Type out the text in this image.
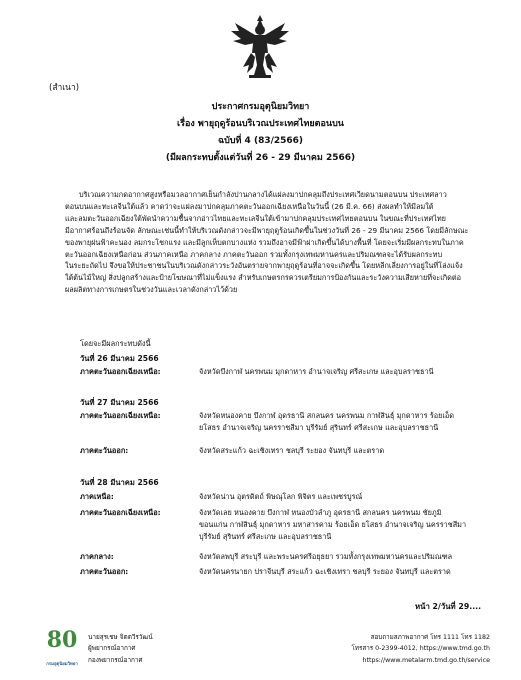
(สำเนา)
ประกาศกรมอุตุนิยมวิทยา
เรื่อง พายุฤดูร้อนบริเวณประเทศไทยตอนบน
ฉบับที่ 4 (83/2566)
(มีผลกระทบตั้งแต่วันที่ 26 - 29 มีนาคม 2566)
บริเวณความกดอากาศสูงหรือมวลอากาศเย็นกำลังปานกลางได้แผ่ลงมาปกคลุมถึงประเทศเวียดนามตอนบน ประเทศลาว
ตอนบนและทะเลจีนใต้แล้ว คาดว่าจะแผ่ลงมาปกคลุมภาคตะวันออกเฉียงเหนือในวันนี้ (26 มี.ค. 66) ส่งผลทำให้มีลมใต้
และลมตะวันออกเฉียงใต้พัดนำความชื้นจากอ่าวไทยและทะเลจีนใต้เข้ามาปกคลุมประเทศไทยตอนบน ในขณะที่ประเทศไทย
มีอากาศร้อนถึงร้อนจัด ลักษณะเช่นนี้ทำให้บริเวณดังกล่าวจะมีพายุฤดูร้อนเกิดขึ้นในช่วงวันที่ 26 - 29 มีนาคม 2566 โดยมีลักษณะ
ของพายุฝนฟ้าคะนอง ลมกระโชกแรง และมีลูกเห็บตกบางแห่ง รวมถึงอาจมีฟ้าผ่าเกิดขึ้นได้บางพื้นที่ โดยจะเริ่มมีผลกระทบในภาค
ตะวันออกเฉียงเหนือก่อน ส่วนภาคเหนือ ภาคกลาง ภาคตะวันออก รวมทั้งกรุงเทพมหานครและปริมณฑลจะได้รับผลกระทบ
ในระยะถัดไป จึงขอให้ประชาชนในบริเวณดังกล่าวระวังอันตรายจากพายุฤดูร้อนที่อาจจะเกิดขึ้น โดยหลีกเลี่ยงการอยู่ในที่โล่งแจ้ง
ใต้ต้นไม้ใหญ่ สิ่งปลูกสร้างและป้ายโฆษณาที่ไม่แข็งแรง สำหรับเกษตรกรควรเตรียมการป้องกันและระวังความเสียหายที่จะเกิดต่อ
ผลผลิตทางการเกษตรในช่วงวันและเวลาดังกล่าวไว้ด้วย
โดยจะมีผลกระทบดังนี้
วันที่ 26 มีนาคม 2566
ภาคตะวันออกเฉียงเหนือ:	จังหวัดบึงกาฬ นครพนม มุกดาหาร อำนาจเจริญ ศรีสะเกษ และอุบลราชธานี
วันที่ 27 มีนาคม 2566
ภาคตะวันออกเฉียงเหนือ:	จังหวัดหนองคาย บึงกาฬ อุดรธานี สกลนคร นครพนม กาฬสินธุ์ มุกดาหาร ร้อยเอ็ด
ยโสธร อำนาจเจริญ นครราชสีมา บุรีรัมย์ สุรินทร์ ศรีสะเกษ และอุบลราชธานี
ภาคตะวันออก:	จังหวัดสระแก้ว ฉะเชิงเทรา ชลบุรี ระยอง จันทบุรี และตราด
วันที่ 28 มีนาคม 2566
ภาคเหนือ:	จังหวัดน่าน อุตรดิตถ์ พิษณุโลก พิจิตร และเพชรบูรณ์
ภาคตะวันออกเฉียงเหนือ:	จังหวัดเลย หนองคาย บึงกาฬ หนองบัวลำภู อุดรธานี สกลนคร นครพนม ชัยภูมิ
ขอนแก่น กาฬสินธุ์ มุกดาหาร มหาสารคาม ร้อยเอ็ด ยโสธร อำนาจเจริญ นครราชสีมา
บุรีรัมย์ สุรินทร์ ศรีสะเกษ และอุบลราชธานี
ภาคกลาง:	จังหวัดลพบุรี สระบุรี และพระนครศรีอยุธยา รวมทั้งกรุงเทพมหานครและปริมณฑล
ภาคตะวันออก:	จังหวัดนครนายก ปราจีนบุรี สระแก้ว ฉะเชิงเทรา ชลบุรี ระยอง จันทบุรี และตราด
หน้า 2/วันที่ 29....
80
กรมอุตุนิยมวิทยา
นายสุรเชษ จิตตวีรวัฒน์
ผู้พยากรณ์อากาศ
กองพยากรณ์อากาศ
สอบถามสภาพอากาศ โทร 1111 โทร 1182
โทรสาร 0-2399-4012, https://www.tmd.go.th
https://www.metalarm.tmd.go.th/service
